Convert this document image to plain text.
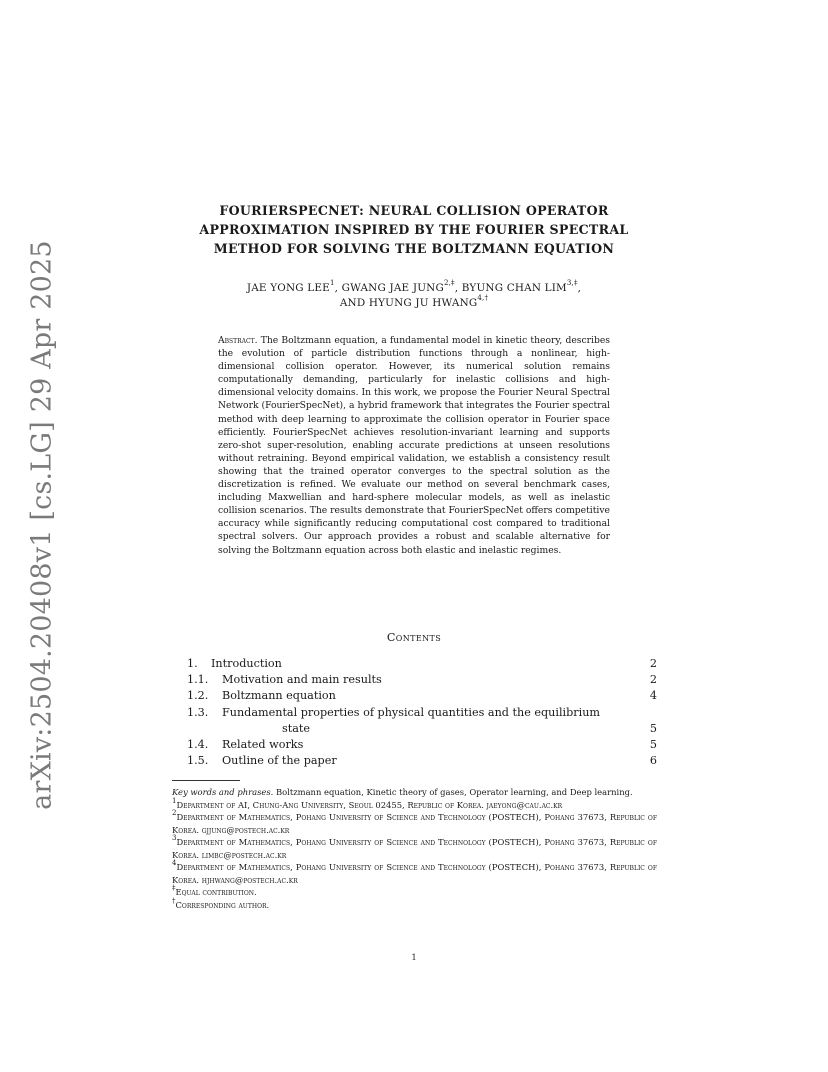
arXiv:2504.20408v1 [cs.LG] 29 Apr 2025
FOURIERSPECNET: NEURAL COLLISION OPERATOR
APPROXIMATION INSPIRED BY THE FOURIER SPECTRAL
METHOD FOR SOLVING THE BOLTZMANN EQUATION
JAE YONG LEE$^1$, GWANG JAE $JUNG^{2,\ddagger}$, BYUNG CHAN $LIM^{3,\ddagger}$,
AND HYUNG JU $HWANG^{4,\dagger}$
Abstract. The Boltzmann equation, a fundamental model in kinetic theory, describes the evolution of particle distribution functions through a nonlinear, high-dimensional collision operator. However, its numerical solution remains computationally demanding, particularly for inelastic collisions and high-dimensional velocity domains. In this work, we propose the Fourier Neural Spectral Network (FourierSpecNet), a hybrid framework that integrates the Fourier spectral method with deep learning to approximate the collision operator in Fourier space efficiently. FourierSpecNet achieves resolution-invariant learning and supports zero-shot super-resolution, enabling accurate predictions at unseen resolutions without retraining. Beyond empirical validation, we establish a consistency result showing that the trained operator converges to the spectral solution as the discretization is refined. We evaluate our method on several benchmark cases, including Maxwellian and hard-sphere molecular models, as well as inelastic collision scenarios. The results demonstrate that FourierSpecNet offers competitive accuracy while significantly reducing computational cost compared to traditional spectral solvers. Our approach provides a robust and scalable alternative for solving the Boltzmann equation across both elastic and inelastic regimes.
Contents
1. Introduction	2
1.1. Motivation and main results	2
1.2. Boltzmann equation	4
1.3. Fundamental properties of physical quantities and the equilibrium
state	5
1.4. Related works	5
1.5. Outline of the paper	6

Key words and phrases. Boltzmann equation, Kinetic theory of gases, Operator learning, and Deep learning.

$^1$Department of AI, Chung-Ang University, Seoul 02455, Republic of Korea. jaeyong@cau.ac.kr

$^2$Department of Mathematics, Pohang University of Science and Technology (POSTECH), Pohang 37673, Republic of Korea. gjjung@postech.ac.kr

$^3$Department of Mathematics, Pohang University of Science and Technology (POSTECH), Pohang 37673, Republic of Korea. limbc@postech.ac.kr

$^4$Department of Mathematics, Pohang University of Science and Technology (POSTECH), Pohang 37673, Republic of Korea. hjhwang@postech.ac.kr

‡Equal contribution.

†Corresponding author.

1
